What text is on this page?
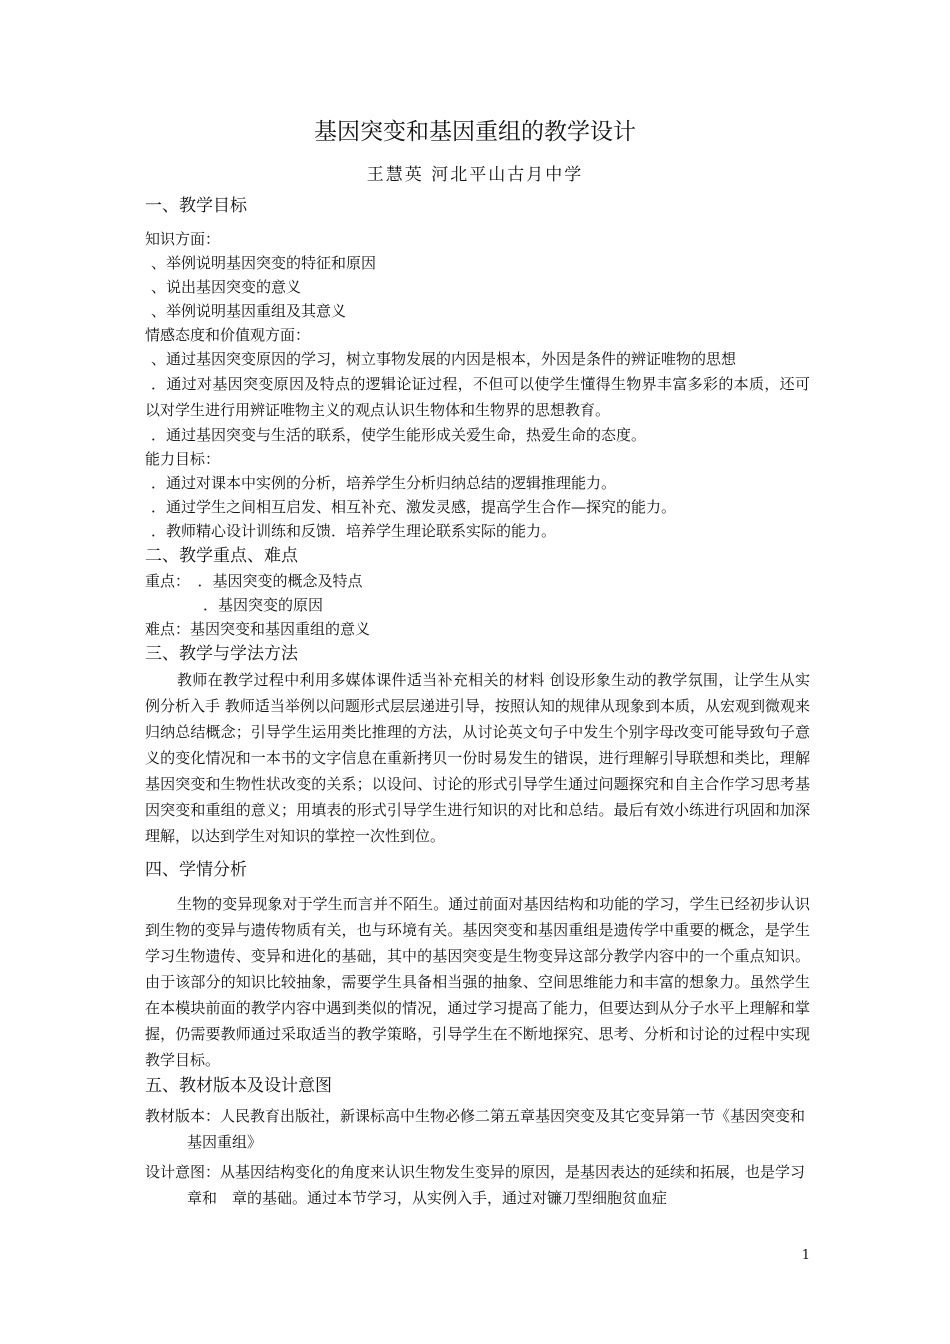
基因突变和基因重组的教学设计
王慧英 河北平山古月中学

一、教学目标

知识方面：

、举例说明基因突变的特征和原因

、说出基因突变的意义

、举例说明基因重组及其意义

情感态度和价值观方面：

、通过基因突变原因的学习，树立事物发展的内因是根本，外因是条件的辨证唯物的思想

．通过对基因突变原因及特点的逻辑论证过程，不但可以使学生懂得生物界丰富多彩的本质，还可以对学生进行用辨证唯物主义的观点认识生物体和生物界的思想教育。

．通过基因突变与生活的联系，使学生能形成关爱生命，热爱生命的态度。

能力目标：

．通过对课本中实例的分析，培养学生分析归纳总结的逻辑推理能力。

．通过学生之间相互启发、相互补充、激发灵感，提高学生合作—探究的能力。

．教师精心设计训练和反馈．培养学生理论联系实际的能力。

二、教学重点、难点

重点：　．基因突变的概念及特点

．基因突变的原因

难点：基因突变和基因重组的意义

三、教学与学法方法

教师在教学过程中利用多媒体课件适当补充相关的材料 创设形象生动的教学氛围，让学生从实例分析入手 教师适当举例以问题形式层层递进引导，按照认知的规律从现象到本质，从宏观到微观来归纳总结概念；引导学生运用类比推理的方法，从讨论英文句子中发生个别字母改变可能导致句子意义的变化情况和一本书的文字信息在重新拷贝一份时易发生的错误，进行理解引导联想和类比，理解基因突变和生物性状改变的关系；以设问、讨论的形式引导学生通过问题探究和自主合作学习思考基因突变和重组的意义；用填表的形式引导学生进行知识的对比和总结。最后有效小练进行巩固和加深理解，以达到学生对知识的掌控一次性到位。

四、学情分析

生物的变异现象对于学生而言并不陌生。通过前面对基因结构和功能的学习，学生已经初步认识到生物的变异与遗传物质有关，也与环境有关。基因突变和基因重组是遗传学中重要的概念，是学生学习生物遗传、变异和进化的基础，其中的基因突变是生物变异这部分教学内容中的一个重点知识。由于该部分的知识比较抽象，需要学生具备相当强的抽象、空间思维能力和丰富的想象力。虽然学生在本模块前面的教学内容中遇到类似的情况，通过学习提高了能力，但要达到从分子水平上理解和掌握，仍需要教师通过采取适当的教学策略，引导学生在不断地探究、思考、分析和讨论的过程中实现教学目标。

五、教材版本及设计意图

教材版本：人民教育出版社，新课标高中生物必修二第五章基因突变及其它变异第一节《基因突变和基因重组》

设计意图：从基因结构变化的角度来认识生物发生变异的原因，是基因表达的延续和拓展，也是学习　章和　章的基础。通过本节学习，从实例入手，通过对镰刀型细胞贫血症

1
